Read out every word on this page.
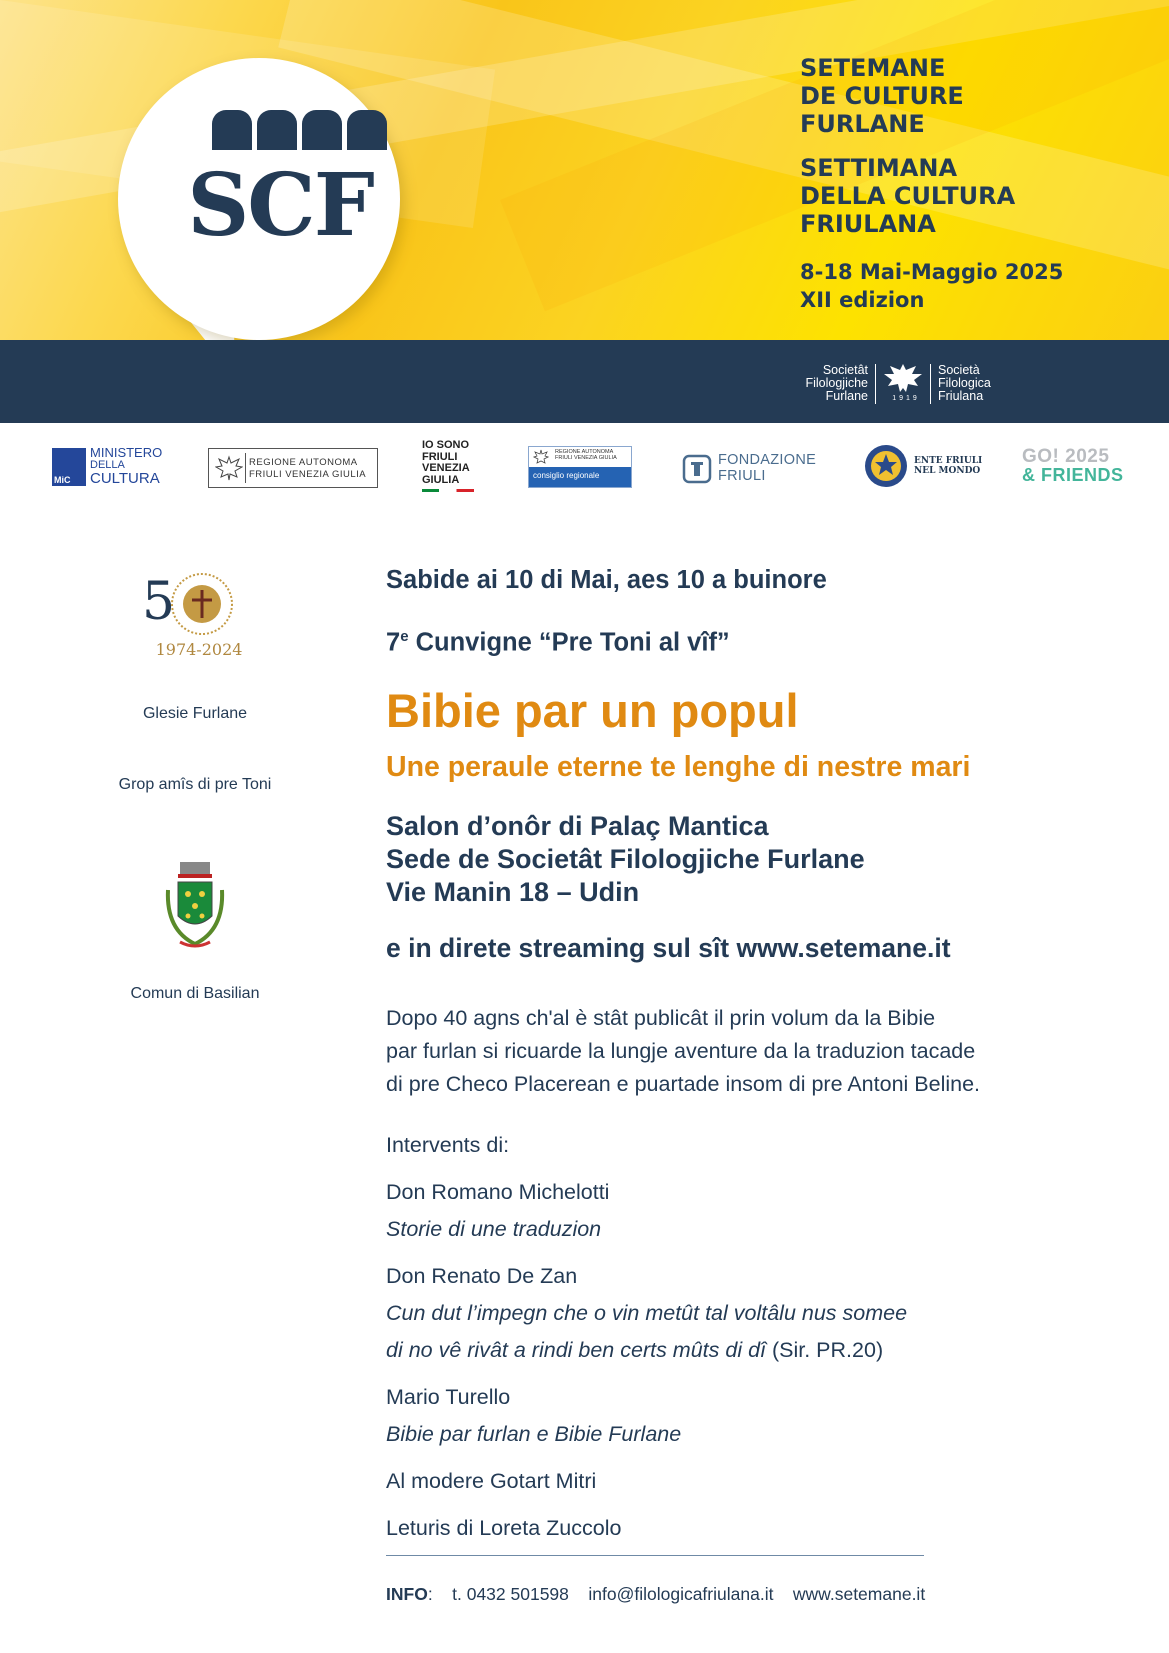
SCF
SETEMANE
DE CULTURE
FURLANE
SETTIMANA
DELLA CULTURA
FRIULANA
8-18 Mai-Maggio 2025
XII edizion
Societât
Filologjiche
Furlane	1919
Società
Filologica
Friulana
MiC
MINISTERO
DELLA
CULTURA
REGIONE AUTONOMA
FRIULI VENEZIA GIULIA
IO SONO
FRIULI
VENEZIA
GIULIA
REGIONE AUTONOMA
FRIULI VENEZIA GIULIA
consiglio regionale
FONDAZIONE
FRIULI
ENTE FRIULI
NEL MONDO
GO! 2025
& FRIENDS
5
1974-2024
Glesie Furlane
Grop amîs di pre Toni
Comun di Basilian
Sabide ai 10 di Mai, aes 10 a buinore
7e Cunvigne “Pre Toni al vîf”
Bibie par un popul
Une peraule eterne te lenghe di nestre mari
Salon d’onôr di Palaç Mantica
Sede de Societât Filologjiche Furlane
Vie Manin 18 – Udin
e in direte streaming sul sît www.setemane.it
Dopo 40 agns ch'al è stât publicât il prin volum da la Bibie
par furlan si ricuarde la lungje aventure da la traduzion tacade
di pre Checo Placerean e puartade insom di pre Antoni Beline.
Intervents di:
Don Romano Michelotti
Storie di une traduzion
Don Renato De Zan
Cun dut l’impegn che o vin metût tal voltâlu nus somee
di no vê rivât a rindi ben certs mûts di dî (Sir. PR.20)
Mario Turello
Bibie par furlan e Bibie Furlane
Al modere Gotart Mitri
Leturis di Loreta Zuccolo
INFO:    t. 0432 501598 info@filologicafriulana.it www.setemane.it
